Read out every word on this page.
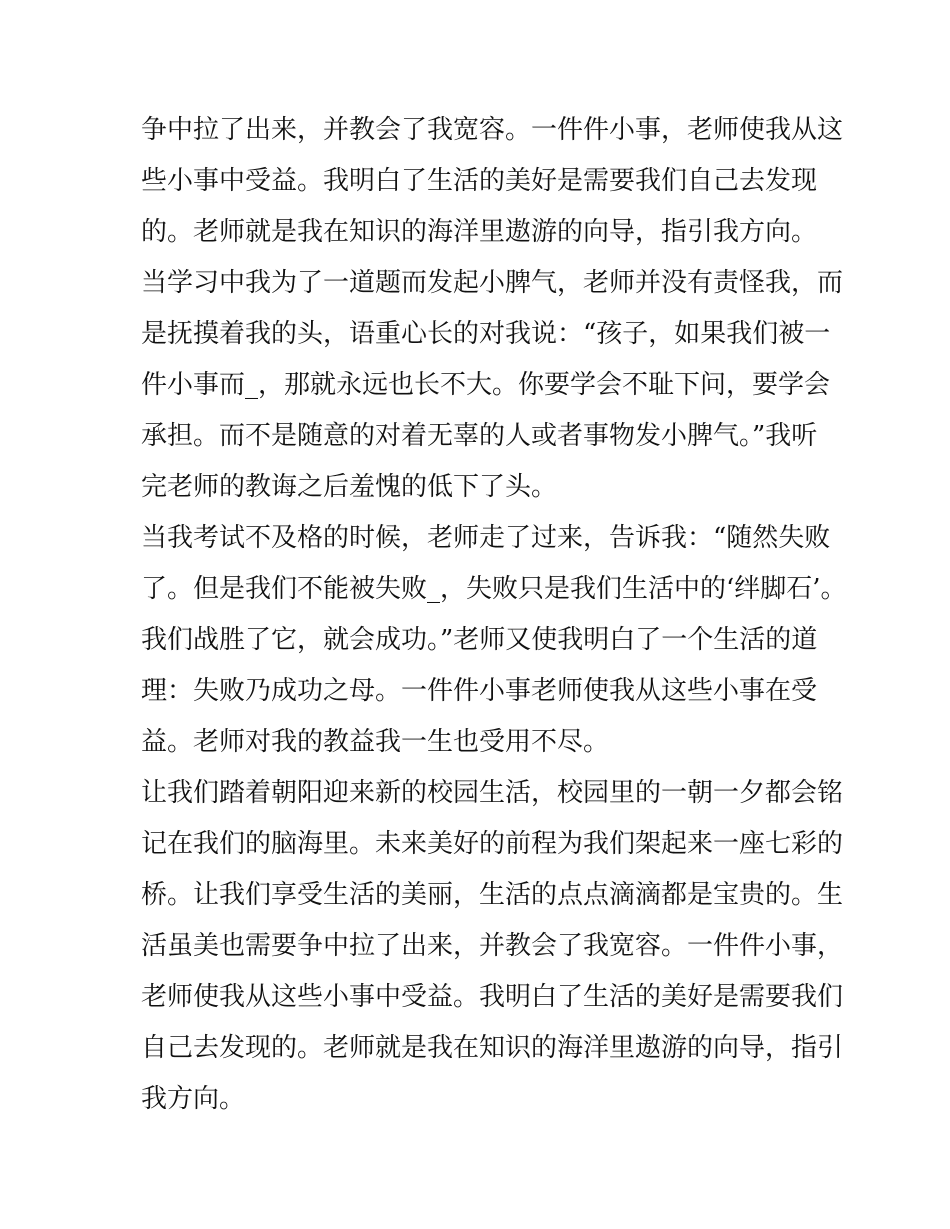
争中拉了出来，并教会了我宽容。一件件小事，老师使我从这
些小事中受益。我明白了生活的美好是需要我们自己去发现
的。老师就是我在知识的海洋里遨游的向导，指引我方向。
当学习中我为了一道题而发起小脾气，老师并没有责怪我，而
是抚摸着我的头，语重心长的对我说：“孩子，如果我们被一
件小事而_，那就永远也长不大。你要学会不耻下问，要学会
承担。而不是随意的对着无辜的人或者事物发小脾气。”我听
完老师的教诲之后羞愧的低下了头。
当我考试不及格的时候，老师走了过来，告诉我：“随然失败
了。但是我们不能被失败_，失败只是我们生活中的‘绊脚石’。
我们战胜了它，就会成功。”老师又使我明白了一个生活的道
理：失败乃成功之母。一件件小事老师使我从这些小事在受
益。老师对我的教益我一生也受用不尽。
让我们踏着朝阳迎来新的校园生活，校园里的一朝一夕都会铭
记在我们的脑海里。未来美好的前程为我们架起来一座七彩的
桥。让我们享受生活的美丽，生活的点点滴滴都是宝贵的。生
活虽美也需要争中拉了出来，并教会了我宽容。一件件小事，
老师使我从这些小事中受益。我明白了生活的美好是需要我们
自己去发现的。老师就是我在知识的海洋里遨游的向导，指引
我方向。
